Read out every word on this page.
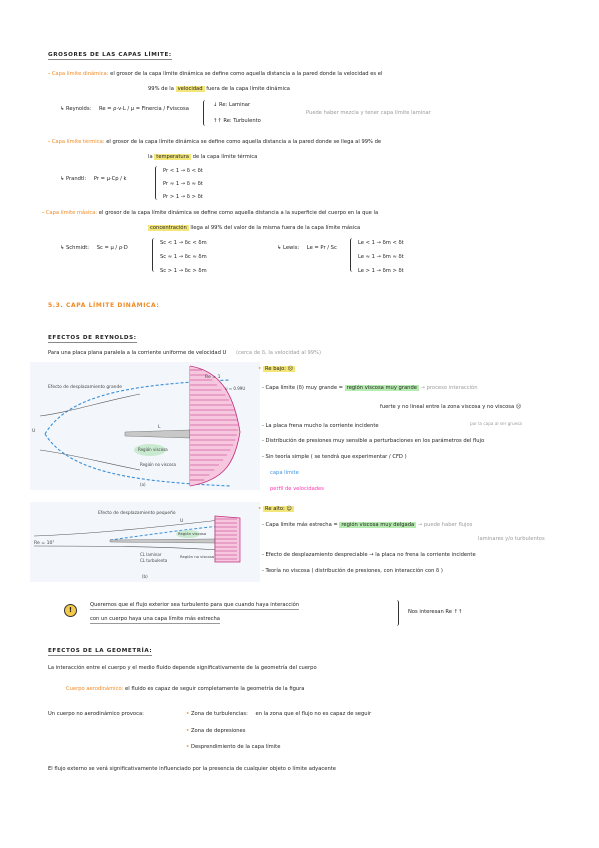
GROSORES DE LAS CAPAS LÍMITE:
- Capa límite dinámica: el grosor de la capa límite dinámica se define como aquella distancia a la pared donde la velocidad es el
99% de la velocidad fuera de la capa límite dinámica
↳ Reynolds: Re = ρ·v·L / μ = Finercia / Fviscosa
↓ Re: Laminar
↑↑ Re: Turbulento
Puede haber mezcla y tener capa límite laminar
- Capa límite térmica: el grosor de la capa límite dinámica se define como aquella distancia a la pared donde se llega al 99% de
la temperatura de la capa límite térmica
↳ Prandtl: Pr = μ·Cp / k
Pr < 1 → δ < δt
Pr ≈ 1 → δ ≈ δt
Pr > 1 → δ > δt
- Capa límite másica: el grosor de la capa límite dinámica se define como aquella distancia a la superficie del cuerpo en la que la
concentración llega al 99% del valor de la misma fuera de la capa límite másica
↳ Schmidt: Sc = μ / ρ·D
Sc < 1 → δc < δm
Sc ≈ 1 → δc ≈ δm
Sc > 1 → δc > δm
↳ Lewis: Le = Pr / Sc
Le < 1 → δm < δt
Le ≈ 1 → δm ≈ δt
Le > 1 → δm > δt
5.3. CAPA LÍMITE DINÁMICA:
EFECTOS DE REYNOLDS:
Para una placa plana paralela a la corriente uniforme de velocidad U (cerca de δ, la velocidad al 99%)
Efecto de desplazamiento grande
Re = 1
u ≈ 0.99U
U
L
Región viscosa
Región no viscosa
(a)
Efecto de desplazamiento pequeño
Re = 10⁷
U
CL laminar
CL turbulenta
Región viscosa
Región no viscosa
(b)
• Re bajo: ☹
- Capa límite (δ) muy grande = región viscosa muy grande → proceso interacción
fuerte y no lineal entre la zona viscosa y no viscosa ☹
- La placa frena mucho la corriente incidente	por la capa al ser gruesa
- Distribución de presiones muy sensible a perturbaciones en los parámetros del flujo
- Sin teoría simple ( se tendrá que experimentar / CFD )
capa límite
perfil de velocidades
• Re alto: ☺
- Capa límite más estrecha = región viscosa muy delgada → puede haber flujos
laminares y/o turbulentos
- Efecto de desplazamiento despreciable → la placa no frena la corriente incidente
- Teoría no viscosa ( distribución de presiones, con interacción con δ )
!
Queremos que el flujo exterior sea turbulento para que cuando haya interacción
con un cuerpo haya una capa límite más estrecha
Nos interesan Re ↑↑
EFECTOS DE LA GEOMETRÍA:
La interacción entre el cuerpo y el medio fluido depende significativamente de la geometría del cuerpo
Cuerpo aerodinámico: el fluido es capaz de seguir completamente la geometría de la figura
Un cuerpo no aerodinámico provoca:	• Zona de turbulencias: en la zona que el flujo no es capaz de seguir
• Zona de depresiones
• Desprendimiento de la capa límite
El flujo externo se verá significativamente influenciado por la presencia de cualquier objeto o límite adyacente
